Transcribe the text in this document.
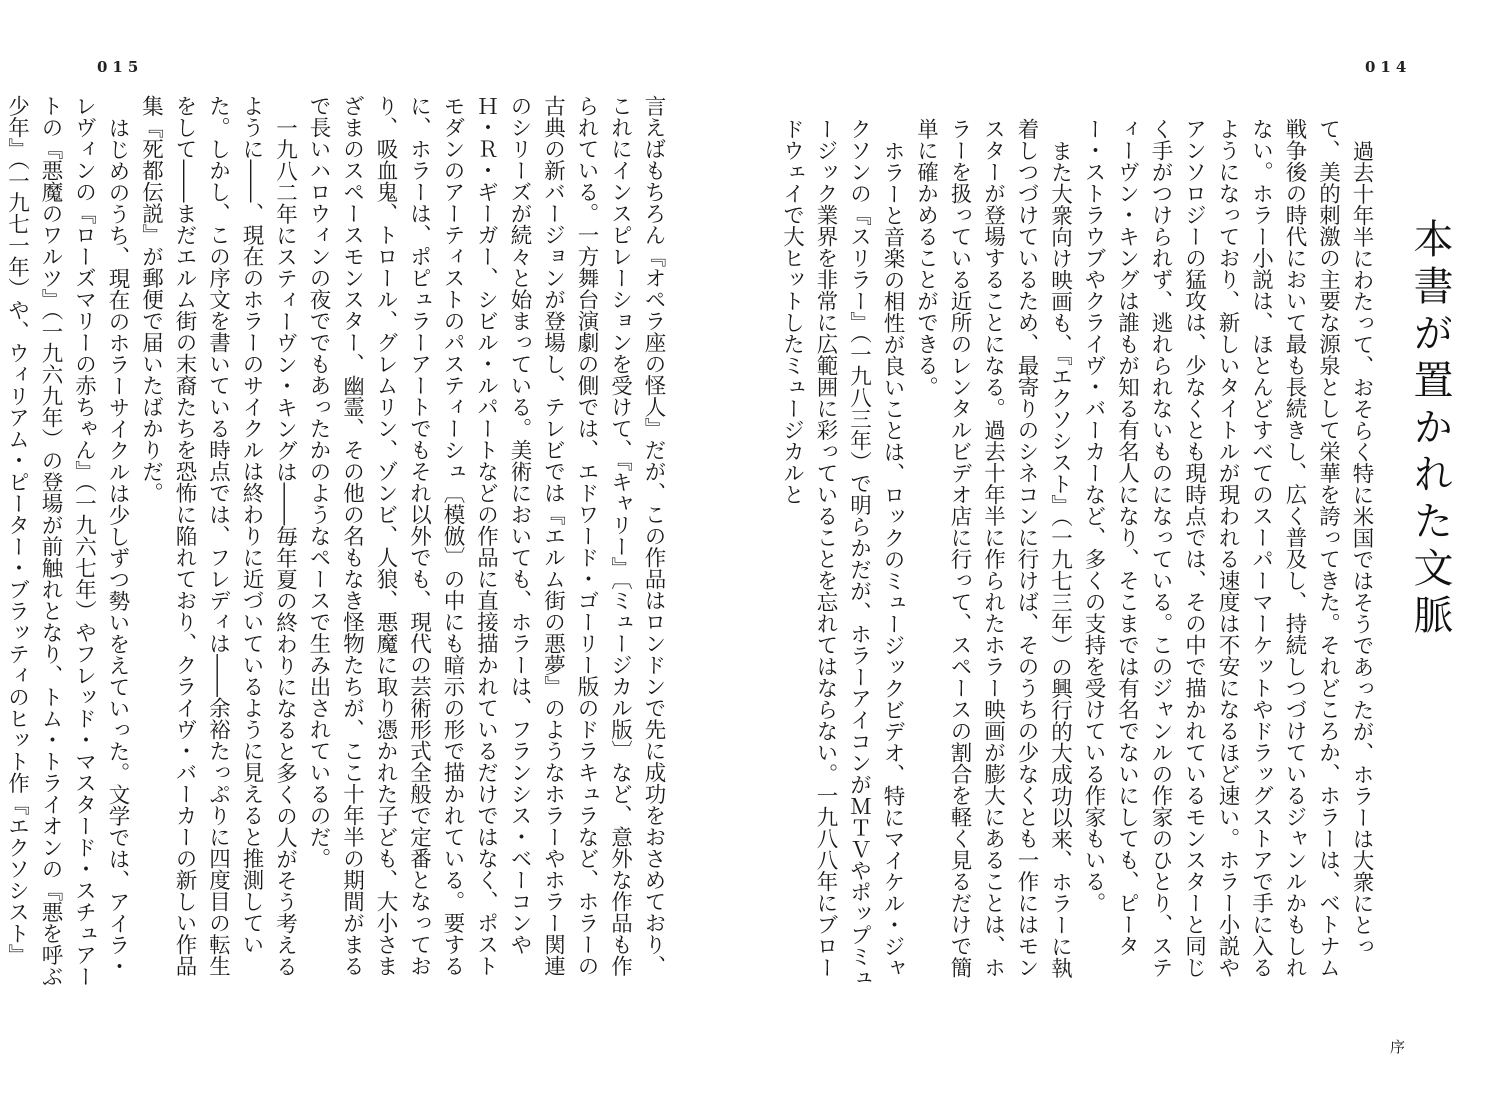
015	014
本書が置かれた文脈

過去十年半にわたって、おそらく特に米国ではそうであったが、ホラーは大衆にとって、美的刺激の主要な源泉として栄華を誇ってきた。それどころか、ホラーは、ベトナム戦争後の時代において最も長続きし、広く普及し、持続しつづけているジャンルかもしれない。ホラー小説は、ほとんどすべてのスーパーマーケットやドラッグストアで手に入るようになっており、新しいタイトルが現われる速度は不安になるほど速い。ホラー小説やアンソロジーの猛攻は、少なくとも現時点では、その中で描かれているモンスターと同じく手がつけられず、逃れられないものになっている。このジャンルの作家のひとり、スティーヴン・キングは誰もが知る有名人になり、そこまでは有名でないにしても、ピーター・ストラウブやクライヴ・バーカーなど、多くの支持を受けている作家もいる。

また大衆向け映画も、『エクソシスト』（一九七三年）の興行的大成功以来、ホラーに執着しつづけているため、最寄りのシネコンに行けば、そのうちの少なくとも一作にはモンスターが登場することになる。過去十年半に作られたホラー映画が膨大にあることは、ホラーを扱っている近所のレンタルビデオ店に行って、スペースの割合を軽く見るだけで簡単に確かめることができる。

ホラーと音楽の相性が良いことは、ロックのミュージックビデオ、特にマイケル・ジャクソンの『スリラー』（一九八三年）で明らかだが、ホラーアイコンがＭＴＶやポップミュージック業界を非常に広範囲に彩っていることを忘れてはならない。一九八八年にブロードウェイで大ヒットしたミュージカルと

言えばもちろん『オペラ座の怪人』だが、この作品はロンドンで先に成功をおさめており、これにインスピレーションを受けて、『キャリー』〔ミュージカル版〕など、意外な作品も作られている。一方舞台演劇の側では、エドワード・ゴーリー版のドラキュラなど、ホラーの古典の新バージョンが登場し、テレビでは『エルム街の悪夢』のようなホラーやホラー関連のシリーズが続々と始まっている。美術においても、ホラーは、フランシス・ベーコンやＨ・Ｒ・ギーガー、シビル・ルパートなどの作品に直接描かれているだけではなく、ポストモダンのアーティストのパスティーシュ〔模倣〕の中にも暗示の形で描かれている。要するに、ホラーは、ポピュラーアートでもそれ以外でも、現代の芸術形式全般で定番となっており、吸血鬼、トロール、グレムリン、ゾンビ、人狼、悪魔に取り憑かれた子ども、大小さまざまのスペースモンスター、幽霊、その他の名もなき怪物たちが、ここ十年半の期間がまるで長いハロウィンの夜ででもあったかのようなペースで生み出されているのだ。

一九八二年にスティーヴン・キングは――毎年夏の終わりになると多くの人がそう考えるように――、現在のホラーのサイクルは終わりに近づいているように見えると推測していた。しかし、この序文を書いている時点では、フレディは――余裕たっぷりに四度目の転生をして――まだエルム街の末裔たちを恐怖に陥れており、クライヴ・バーカーの新しい作品集『死都伝説』が郵便で届いたばかりだ。

はじめのうち、現在のホラーサイクルは少しずつ勢いをえていった。文学では、アイラ・レヴィンの『ローズマリーの赤ちゃん』（一九六七年）やフレッド・マスタード・スチュアートの『悪魔のワルツ』（一九六九年）の登場が前触れとなり、トム・トライオンの『悪を呼ぶ少年』（一九七一年）や、ウィリアム・ピーター・ブラッティのヒット作『エクソシスト』

序
